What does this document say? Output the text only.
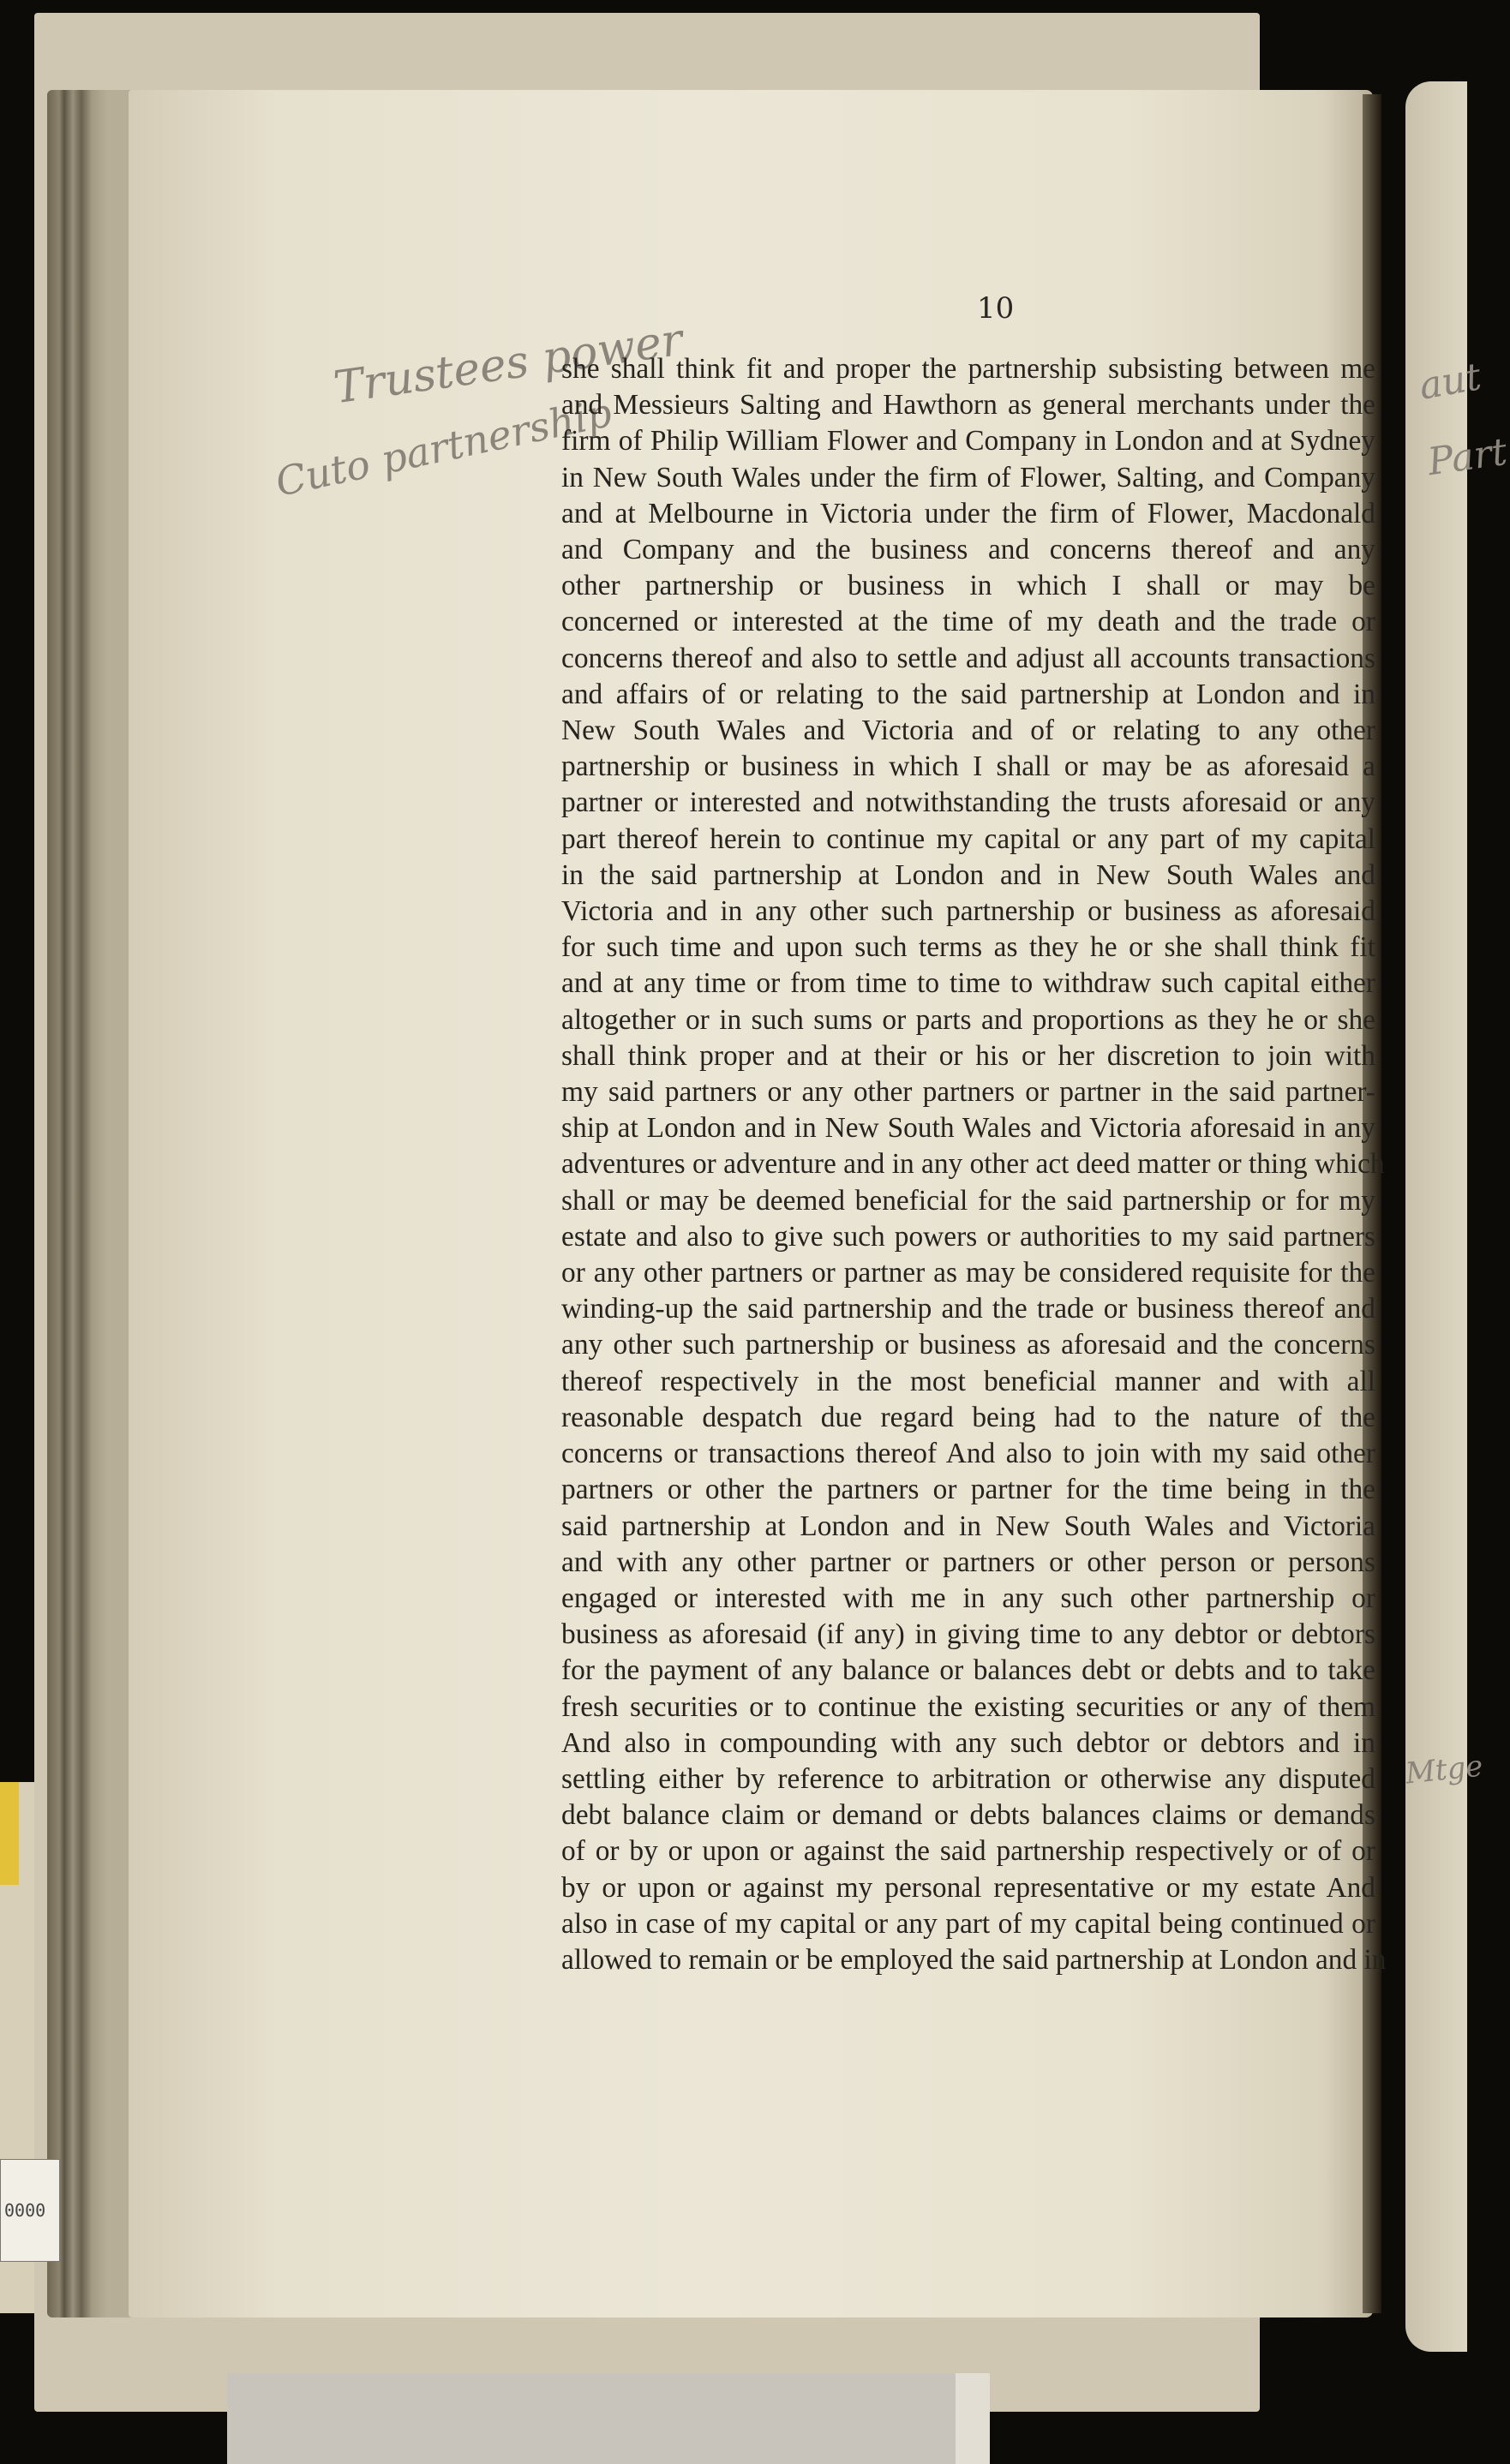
0000
10
Trustees power
Cuto partnership
aut
Part
Mtge
she shall think fit and proper the partnership subsisting between me
and Messieurs Salting and Hawthorn as general merchants under the
firm of Philip William Flower and Company in London and at Sydney
in New South Wales under the firm of Flower, Salting, and Company
and at Melbourne in Victoria under the firm of Flower, Macdonald
and Company and the business and concerns thereof and any
other partnership or business in which I shall or may be
concerned or interested at the time of my death and the trade or
concerns thereof and also to settle and adjust all accounts transactions
and affairs of or relating to the said partnership at London and in
New South Wales and Victoria and of or relating to any other
partnership or business in which I shall or may be as aforesaid a
partner or interested and notwithstanding the trusts aforesaid or any
part thereof herein to continue my capital or any part of my capital
in the said partnership at London and in New South Wales and
Victoria and in any other such partnership or business as aforesaid
for such time and upon such terms as they he or she shall think fit
and at any time or from time to time to withdraw such capital either
altogether or in such sums or parts and proportions as they he or she
shall think proper and at their or his or her discretion to join with
my said partners or any other partners or partner in the said partner-
ship at London and in New South Wales and Victoria aforesaid in any
adventures or adventure and in any other act deed matter or thing which
shall or may be deemed beneficial for the said partnership or for my
estate and also to give such powers or authorities to my said partners
or any other partners or partner as may be considered requisite for the
winding-up the said partnership and the trade or business thereof and
any other such partnership or business as aforesaid and the concerns
thereof respectively in the most beneficial manner and with all
reasonable despatch due regard being had to the nature of the
concerns or transactions thereof And also to join with my said other
partners or other the partners or partner for the time being in the
said partnership at London and in New South Wales and Victoria
and with any other partner or partners or other person or persons
engaged or interested with me in any such other partnership or
business as aforesaid (if any) in giving time to any debtor or debtors
for the payment of any balance or balances debt or debts and to take
fresh securities or to continue the existing securities or any of them
And also in compounding with any such debtor or debtors and in
settling either by reference to arbitration or otherwise any disputed
debt balance claim or demand or debts balances claims or demands
of or by or upon or against the said partnership respectively or of or
by or upon or against my personal representative or my estate And
also in case of my capital or any part of my capital being continued or
allowed to remain or be employed the said partnership at London and in
